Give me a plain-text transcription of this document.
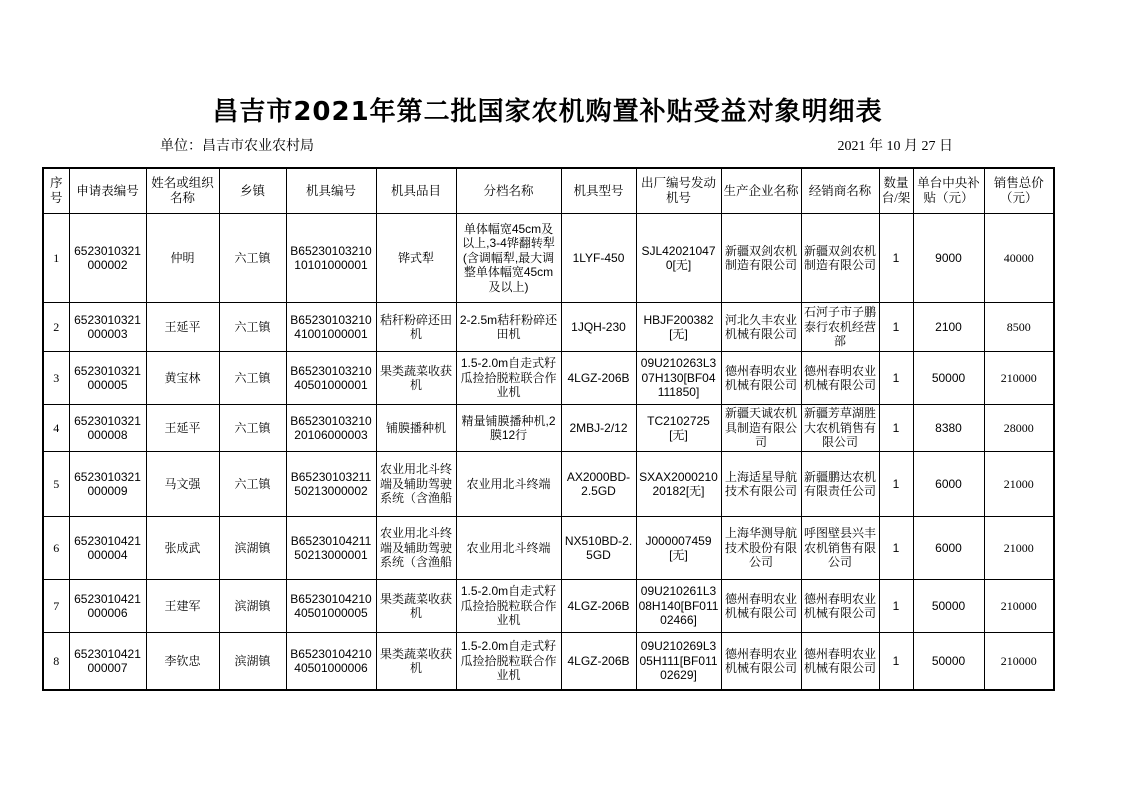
昌吉市2021年第二批国家农机购置补贴受益对象明细表
单位：昌吉市农业农村局	2021 年 10 月 27 日
序号	申请表编号	姓名或组织名称	乡镇	机具编号	机具品目	分档名称	机具型号	出厂编号发动机号	生产企业名称	经销商名称	数量台/架	单台中央补贴（元）	销售总价（元）
1	6523010321000002	仲明	六工镇	B6523010321010101000001	铧式犁	单体幅宽45cm及以上,3-4铧翻转犁(含调幅犁,最大调整单体幅宽45cm及以上)	1LYF-450	SJL420210470[无]	新疆双剑农机制造有限公司	新疆双剑农机制造有限公司	1	9000	40000
2	6523010321000003	王延平	六工镇	B6523010321041001000001	秸秆粉碎还田机	2-2.5m秸秆粉碎还田机	1JQH-230	HBJF200382[无]	河北久丰农业机械有限公司	石河子市子鹏泰行农机经营部	1	2100	8500
3	6523010321000005	黄宝林	六工镇	B6523010321040501000001	果类蔬菜收获机	1.5-2.0m自走式籽瓜捡拾脱粒联合作业机	4LGZ-206B	09U210263L307H130[BF04111850]	德州春明农业机械有限公司	德州春明农业机械有限公司	1	50000	210000
4	6523010321000008	王延平	六工镇	B6523010321020106000003	铺膜播种机	精量铺膜播种机,2膜12行	2MBJ-2/12	TC2102725[无]	新疆天诚农机具制造有限公司	新疆芳草湖胜大农机销售有限公司	1	8380	28000
5	6523010321000009	马文强	六工镇	B6523010321150213000002	农业用北斗终端及辅助驾驶系统（含渔船	农业用北斗终端	AX2000BD-2.5GD	SXAX200021020182[无]	上海适星导航技术有限公司	新疆鹏达农机有限责任公司	1	6000	21000
6	6523010421000004	张成武	滨湖镇	B6523010421150213000001	农业用北斗终端及辅助驾驶系统（含渔船	农业用北斗终端	NX510BD-2.5GD	J000007459[无]	上海华测导航技术股份有限公司	呼图壁县兴丰农机销售有限公司	1	6000	21000
7	6523010421000006	王建军	滨湖镇	B6523010421040501000005	果类蔬菜收获机	1.5-2.0m自走式籽瓜捡拾脱粒联合作业机	4LGZ-206B	09U210261L308H140[BF01102466]	德州春明农业机械有限公司	德州春明农业机械有限公司	1	50000	210000
8	6523010421000007	李钦忠	滨湖镇	B6523010421040501000006	果类蔬菜收获机	1.5-2.0m自走式籽瓜捡拾脱粒联合作业机	4LGZ-206B	09U210269L305H111[BF01102629]	德州春明农业机械有限公司	德州春明农业机械有限公司	1	50000	210000
